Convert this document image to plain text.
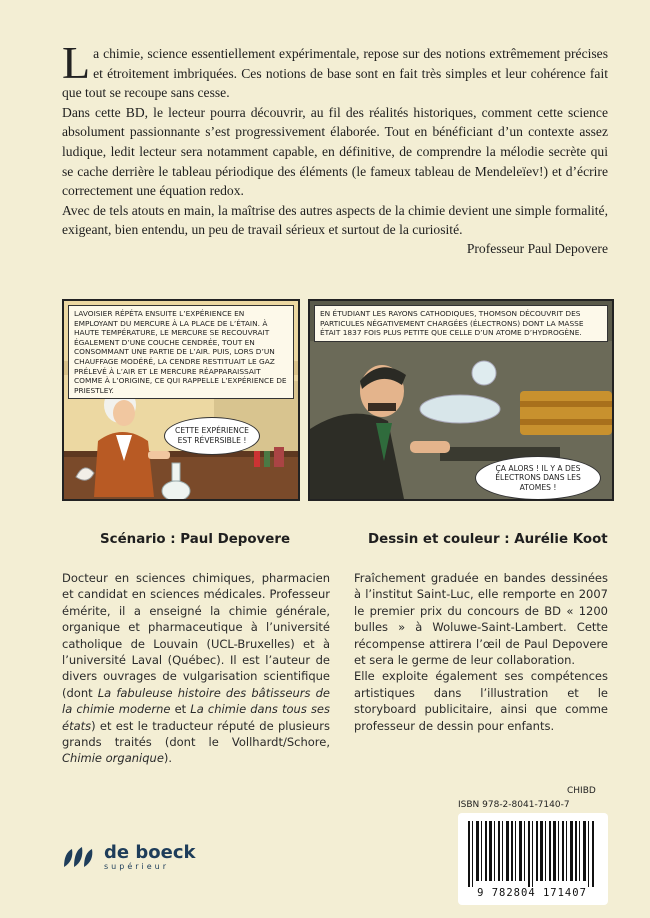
La chimie, science essentiellement expérimentale, repose sur des notions extrêmement précises et étroitement imbriquées. Ces notions de base sont en fait très simples et leur cohérence fait que tout se recoupe sans cesse.

Dans cette BD, le lecteur pourra découvrir, au fil des réalités historiques, comment cette science absolument passionnante s’est progressivement élaborée. Tout en bénéficiant d’un contexte assez ludique, ledit lecteur sera notamment capable, en définitive, de comprendre la mélodie secrète qui se cache derrière le tableau périodique des éléments (le fameux tableau de Mendeleïev!) et d’écrire correctement une équation redox.

Avec de tels atouts en main, la maîtrise des autres aspects de la chimie devient une simple formalité, exigeant, bien entendu, un peu de travail sérieux et surtout de la curiosité.

Professeur Paul Depovere
LAVOISIER RÉPÉTA ENSUITE L’EXPÉRIENCE EN EMPLOYANT DU MERCURE À LA PLACE DE L’ÉTAIN. À HAUTE TEMPÉRATURE, LE MERCURE SE RECOUVRAIT ÉGALEMENT D’UNE COUCHE CENDRÉE, TOUT EN CONSOMMANT UNE PARTIE DE L’AIR. PUIS, LORS D’UN CHAUFFAGE MODÉRÉ, LA CENDRE RESTITUAIT LE GAZ PRÉLEVÉ À L’AIR ET LE MERCURE RÉAPPARAISSAIT COMME À L’ORIGINE, CE QUI RAPPELLE L’EXPÉRIENCE DE PRIESTLEY.
CETTE EXPÉRIENCE EST RÉVERSIBLE !
EN ÉTUDIANT LES RAYONS CATHODIQUES, THOMSON DÉCOUVRIT DES PARTICULES NÉGATIVEMENT CHARGÉES (ÉLECTRONS) DONT LA MASSE ÉTAIT 1837 FOIS PLUS PETITE QUE CELLE D’UN ATOME D’HYDROGÈNE.
ÇA ALORS ! IL Y A DES ÉLECTRONS DANS LES ATOMES !
Scénario : Paul Depovere	Dessin et couleur : Aurélie Koot

Docteur en sciences chimiques, pharmacien et candidat en sciences médicales. Professeur émérite, il a enseigné la chimie générale, organique et pharmaceutique à l’université catholique de Louvain (UCL-Bruxelles) et à l’université Laval (Québec). Il est l’auteur de divers ouvrages de vulgarisation scientifique (dont La fabuleuse histoire des bâtisseurs de la chimie moderne et La chimie dans tous ses états) et est le traducteur réputé de plusieurs grands traités (dont le Vollhardt/Schore, Chimie organique).

Fraîchement graduée en bandes dessinées à l’institut Saint-Luc, elle remporte en 2007 le premier prix du concours de BD « 1200 bulles » à Woluwe-Saint-Lambert. Cette récompense attirera l’œil de Paul Depovere et sera le germe de leur collaboration.

Elle exploite également ses compétences artistiques dans l’illustration et le storyboard publicitaire, ainsi que comme professeur de dessin pour enfants.

CHIBD
ISBN 978-2-8041-7140-7
9 782804 171407
de boeck
supérieur
